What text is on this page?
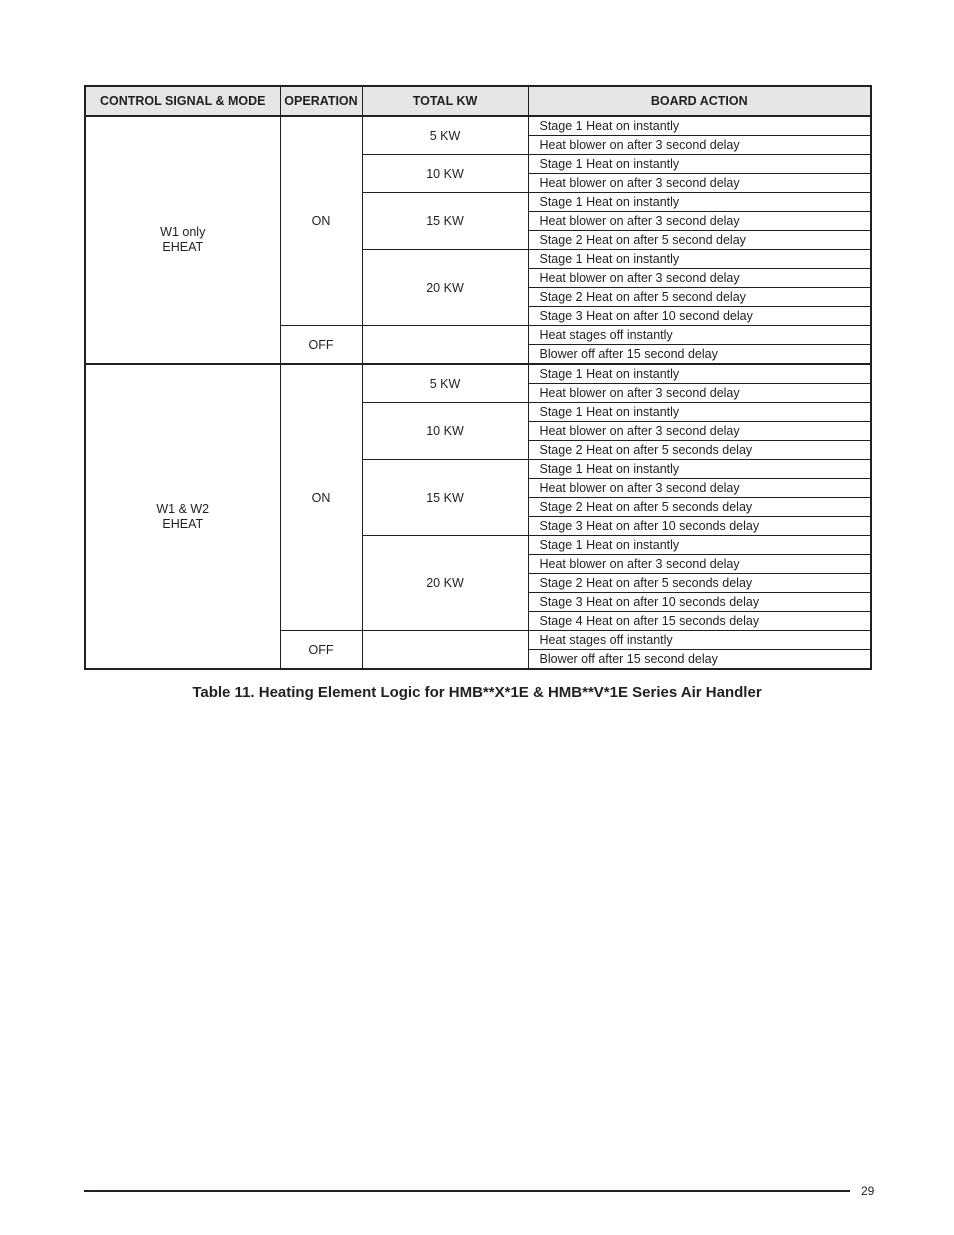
CONTROL SIGNAL & MODE	OPERATION	TOTAL KW	BOARD ACTION

W1 only
EHEAT	ON	5 KW	Stage 1 Heat on instantly
			Heat blower on after 3 second delay
		10 KW	Stage 1 Heat on instantly
			Heat blower on after 3 second delay
		15 KW	Stage 1 Heat on instantly
			Heat blower on after 3 second delay
			Stage 2 Heat on after 5 second delay
		20 KW	Stage 1 Heat on instantly
			Heat blower on after 3 second delay
			Stage 2 Heat on after 5 second delay
			Stage 3 Heat on after 10 second delay
	OFF		Heat stages off instantly
			Blower off after 15 second delay

W1 & W2
EHEAT	ON	5 KW	Stage 1 Heat on instantly
			Heat blower on after 3 second delay
		10 KW	Stage 1 Heat on instantly
			Heat blower on after 3 second delay
			Stage 2 Heat on after 5 seconds delay
		15 KW	Stage 1 Heat on instantly
			Heat blower on after 3 second delay
			Stage 2 Heat on after 5 seconds delay
			Stage 3 Heat on after 10 seconds delay
		20 KW	Stage 1 Heat on instantly
			Heat blower on after 3 second delay
			Stage 2 Heat on after 5 seconds delay
			Stage 3 Heat on after 10 seconds delay
			Stage 4 Heat on after 15 seconds delay
	OFF		Heat stages off instantly
			Blower off after 15 second delay
Table 11. Heating Element Logic for HMB**X*1E & HMB**V*1E Series Air Handler
29
